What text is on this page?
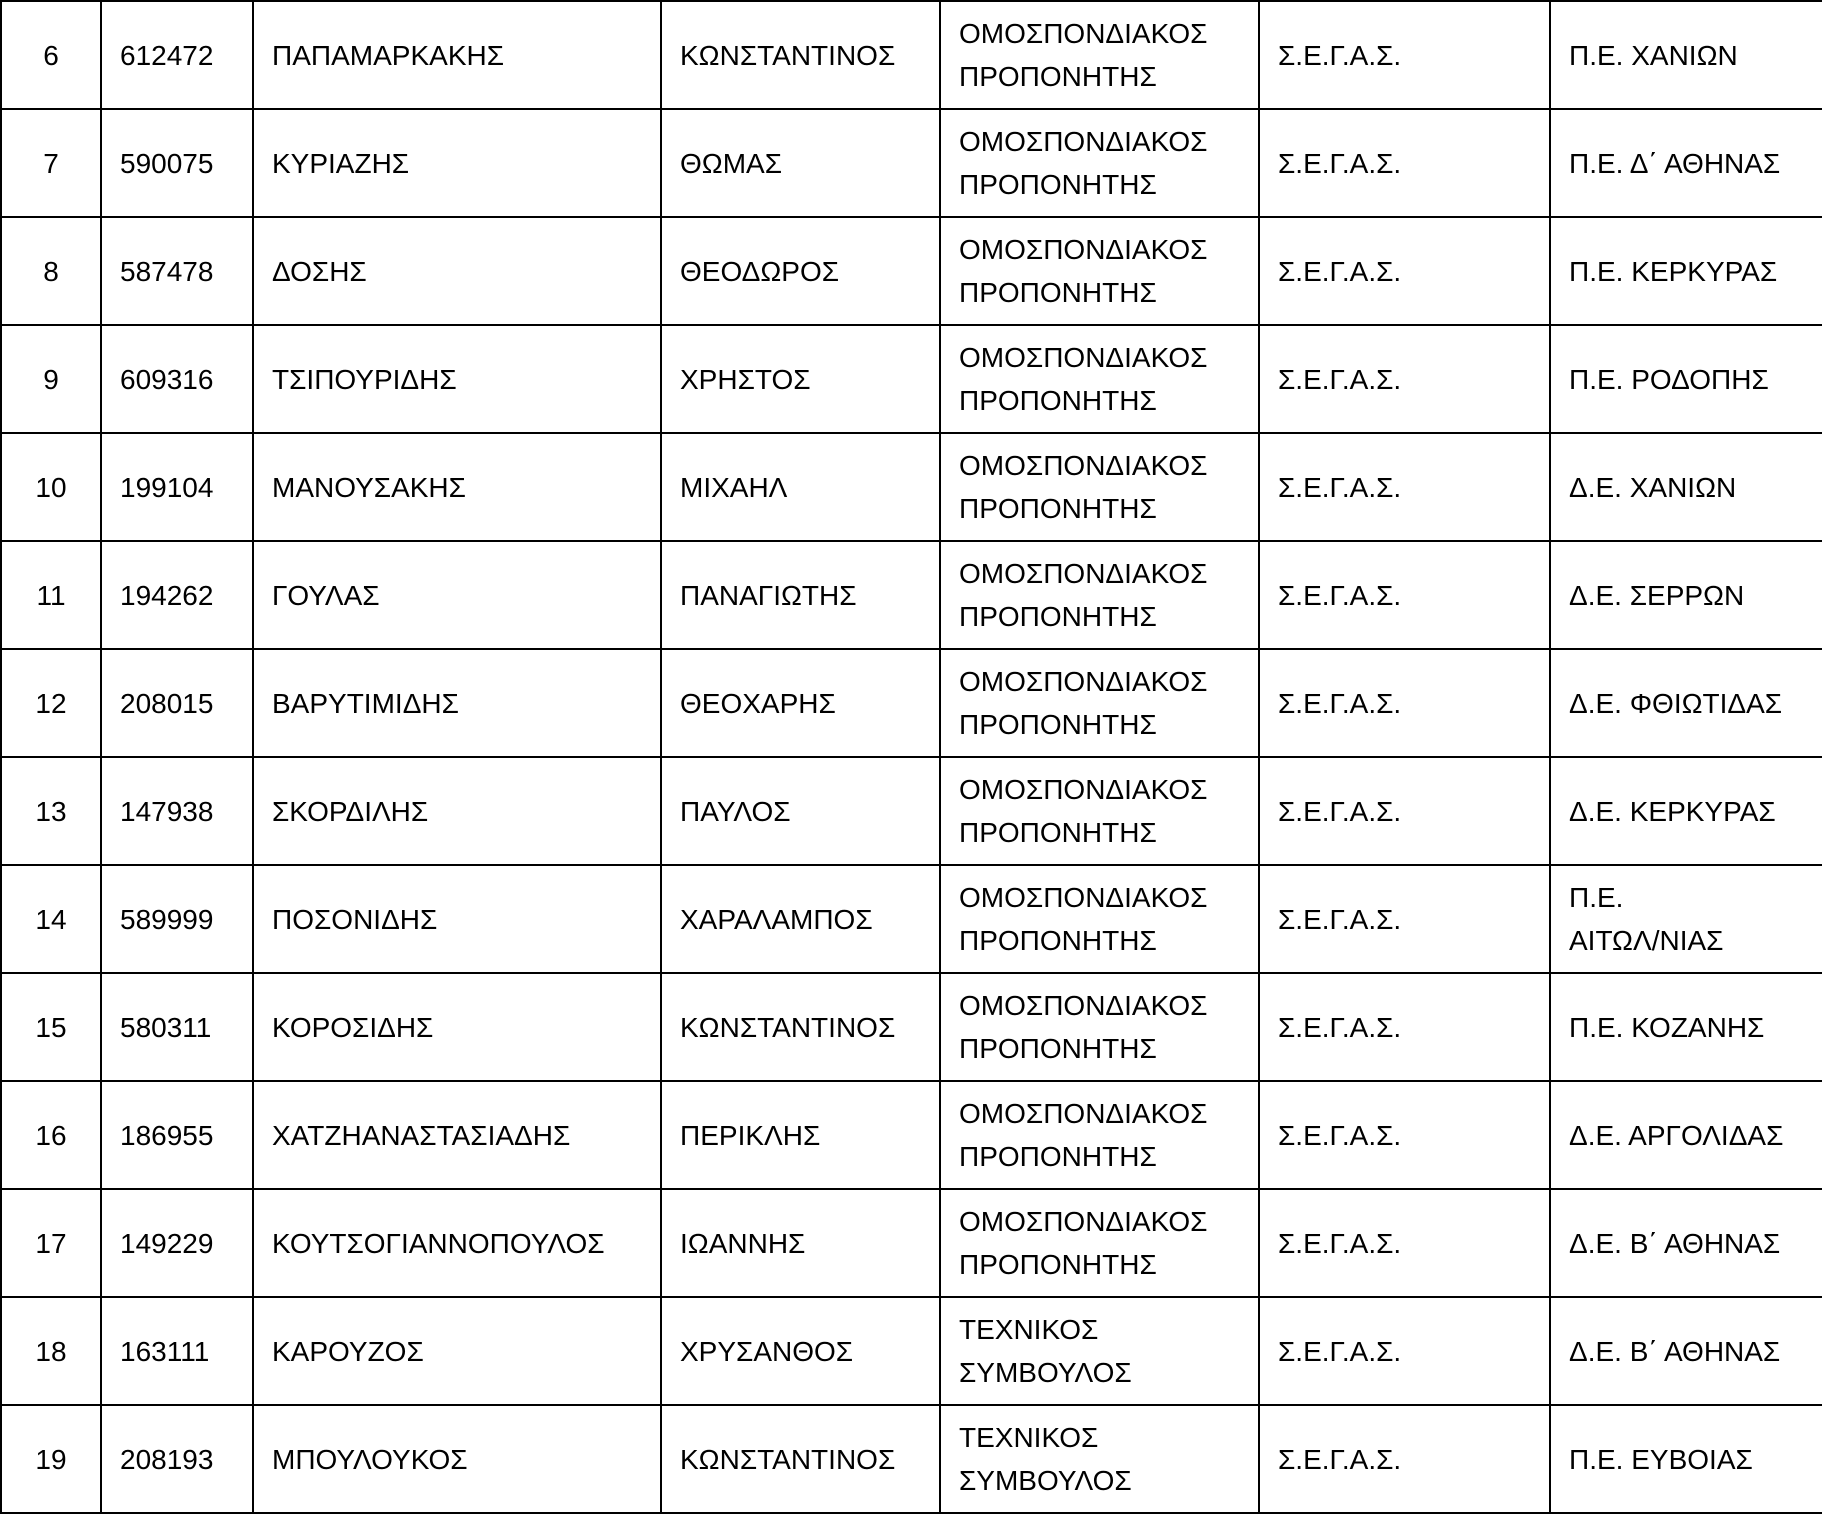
6	612472	ΠΑΠΑΜΑΡΚΑΚΗΣ	ΚΩΝΣΤΑΝΤΙΝΟΣ	ΟΜΟΣΠΟΝΔΙΑΚΟΣ
ΠΡΟΠΟΝΗΤΗΣ	Σ.Ε.Γ.Α.Σ.	Π.Ε. ΧΑΝΙΩΝ
7	590075	ΚΥΡΙΑΖΗΣ	ΘΩΜΑΣ	ΟΜΟΣΠΟΝΔΙΑΚΟΣ
ΠΡΟΠΟΝΗΤΗΣ	Σ.Ε.Γ.Α.Σ.	Π.Ε. Δ΄ ΑΘΗΝΑΣ
8	587478	ΔΟΣΗΣ	ΘΕΟΔΩΡΟΣ	ΟΜΟΣΠΟΝΔΙΑΚΟΣ
ΠΡΟΠΟΝΗΤΗΣ	Σ.Ε.Γ.Α.Σ.	Π.Ε. ΚΕΡΚΥΡΑΣ
9	609316	ΤΣΙΠΟΥΡΙΔΗΣ	ΧΡΗΣΤΟΣ	ΟΜΟΣΠΟΝΔΙΑΚΟΣ
ΠΡΟΠΟΝΗΤΗΣ	Σ.Ε.Γ.Α.Σ.	Π.Ε. ΡΟΔΟΠΗΣ
10	199104	ΜΑΝΟΥΣΑΚΗΣ	ΜΙΧΑΗΛ	ΟΜΟΣΠΟΝΔΙΑΚΟΣ
ΠΡΟΠΟΝΗΤΗΣ	Σ.Ε.Γ.Α.Σ.	Δ.Ε. ΧΑΝΙΩΝ
11	194262	ΓΟΥΛΑΣ	ΠΑΝΑΓΙΩΤΗΣ	ΟΜΟΣΠΟΝΔΙΑΚΟΣ
ΠΡΟΠΟΝΗΤΗΣ	Σ.Ε.Γ.Α.Σ.	Δ.Ε. ΣΕΡΡΩΝ
12	208015	ΒΑΡΥΤΙΜΙΔΗΣ	ΘΕΟΧΑΡΗΣ	ΟΜΟΣΠΟΝΔΙΑΚΟΣ
ΠΡΟΠΟΝΗΤΗΣ	Σ.Ε.Γ.Α.Σ.	Δ.Ε. ΦΘΙΩΤΙΔΑΣ
13	147938	ΣΚΟΡΔΙΛΗΣ	ΠΑΥΛΟΣ	ΟΜΟΣΠΟΝΔΙΑΚΟΣ
ΠΡΟΠΟΝΗΤΗΣ	Σ.Ε.Γ.Α.Σ.	Δ.Ε. ΚΕΡΚΥΡΑΣ
14	589999	ΠΟΣΟΝΙΔΗΣ	ΧΑΡΑΛΑΜΠΟΣ	ΟΜΟΣΠΟΝΔΙΑΚΟΣ
ΠΡΟΠΟΝΗΤΗΣ	Σ.Ε.Γ.Α.Σ.	Π.Ε.
ΑΙΤΩΛ/ΝΙΑΣ
15	580311	ΚΟΡΟΣΙΔΗΣ	ΚΩΝΣΤΑΝΤΙΝΟΣ	ΟΜΟΣΠΟΝΔΙΑΚΟΣ
ΠΡΟΠΟΝΗΤΗΣ	Σ.Ε.Γ.Α.Σ.	Π.Ε. ΚΟΖΑΝΗΣ
16	186955	ΧΑΤΖΗΑΝΑΣΤΑΣΙΑΔΗΣ	ΠΕΡΙΚΛΗΣ	ΟΜΟΣΠΟΝΔΙΑΚΟΣ
ΠΡΟΠΟΝΗΤΗΣ	Σ.Ε.Γ.Α.Σ.	Δ.Ε. ΑΡΓΟΛΙΔΑΣ
17	149229	ΚΟΥΤΣΟΓΙΑΝΝΟΠΟΥΛΟΣ	ΙΩΑΝΝΗΣ	ΟΜΟΣΠΟΝΔΙΑΚΟΣ
ΠΡΟΠΟΝΗΤΗΣ	Σ.Ε.Γ.Α.Σ.	Δ.Ε. Β΄ ΑΘΗΝΑΣ
18	163111	ΚΑΡΟΥΖΟΣ	ΧΡΥΣΑΝΘΟΣ	ΤΕΧΝΙΚΟΣ
ΣΥΜΒΟΥΛΟΣ	Σ.Ε.Γ.Α.Σ.	Δ.Ε. Β΄ ΑΘΗΝΑΣ
19	208193	ΜΠΟΥΛΟΥΚΟΣ	ΚΩΝΣΤΑΝΤΙΝΟΣ	ΤΕΧΝΙΚΟΣ
ΣΥΜΒΟΥΛΟΣ	Σ.Ε.Γ.Α.Σ.	Π.Ε. ΕΥΒΟΙΑΣ
